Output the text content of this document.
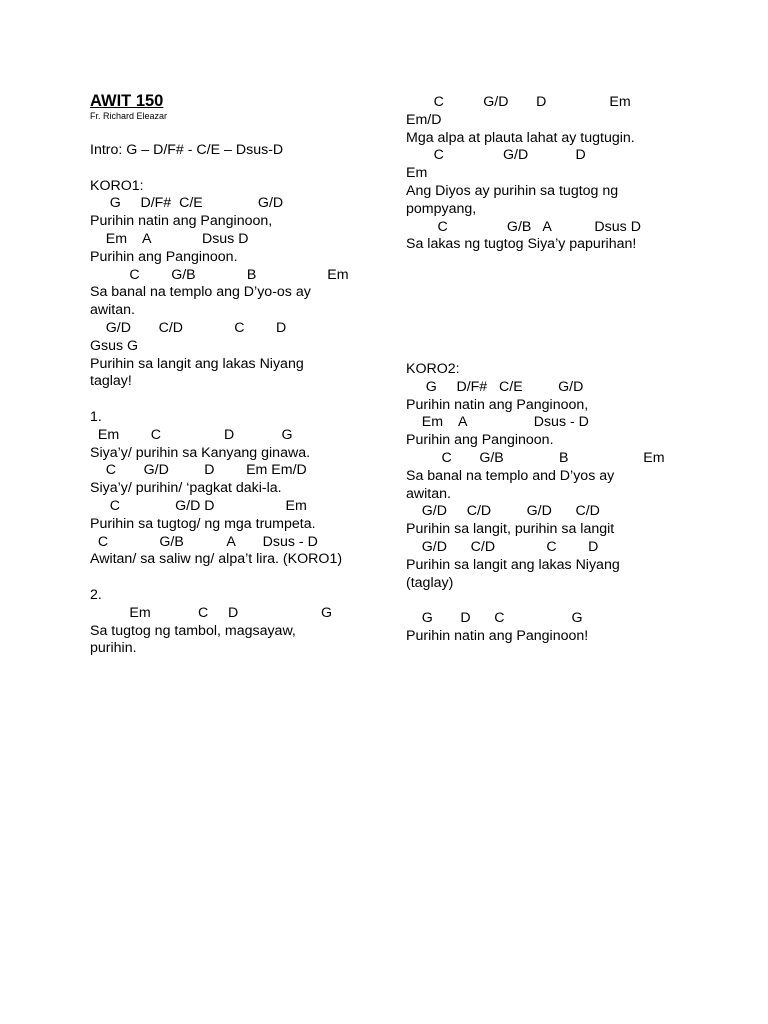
AWIT 150
Fr. Richard Eleazar
Intro: G – D/F# - C/E – Dsus-D
KORO1:
G     D/F#  C/E              G/D
Purihin natin ang Panginoon,
Em    A             Dsus D
Purihin ang Panginoon.
C        G/B             B                  Em
Sa banal na templo ang D’yo-os ay
awitan.
G/D       C/D             C        D
Gsus G
Purihin sa langit ang lakas Niyang
taglay!
1.
Em        C                D            G
Siya’y/ purihin sa Kanyang ginawa.
C       G/D         D        Em Em/D
Siya’y/ purihin/ ‘pagkat daki-la.
C              G/D D                  Em
Purihin sa tugtog/ ng mga trumpeta.
C             G/B           A       Dsus - D
Awitan/ sa saliw ng/ alpa’t lira. (KORO1)
2.
Em            C     D                     G
Sa tugtog ng tambol, magsayaw,
purihin.
C          G/D       D                Em
Em/D
Mga alpa at plauta lahat ay tugtugin.
C               G/D            D
Em
Ang Diyos ay purihin sa tugtog ng
pompyang,
C               G/B   A           Dsus D
Sa lakas ng tugtog Siya’y papurihan!
KORO2:
G     D/F#   C/E         G/D
Purihin natin ang Panginoon,
Em    A                 Dsus - D
Purihin ang Panginoon.
C       G/B              B                   Em
Sa banal na templo and D’yos ay
awitan.
G/D     C/D         G/D      C/D
Purihin sa langit, purihin sa langit
G/D      C/D             C        D
Purihin sa langit ang lakas Niyang
(taglay)
G       D      C                 G
Purihin natin ang Panginoon!
